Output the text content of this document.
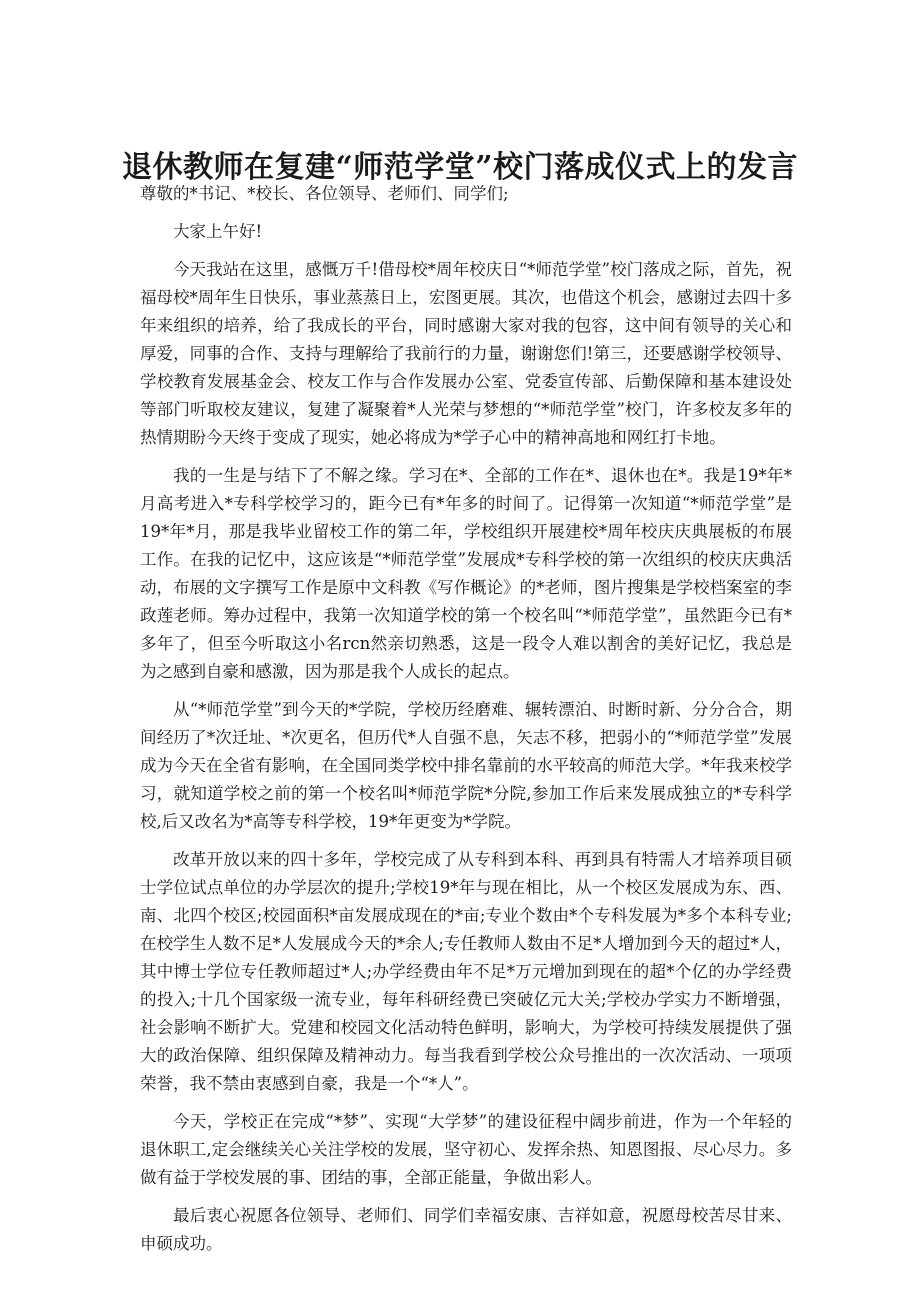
退休教师在复建“师范学堂”校门落成仪式上的发言

尊敬的*书记、*校长、各位领导、老师们、同学们;

大家上午好!

今天我站在这里，感慨万千!借母校*周年校庆日“*师范学堂”校门落成之际，首先，祝福母校*周年生日快乐，事业蒸蒸日上，宏图更展。其次，也借这个机会，感谢过去四十多年来组织的培养，给了我成长的平台，同时感谢大家对我的包容，这中间有领导的关心和厚爱，同事的合作、支持与理解给了我前行的力量，谢谢您们!第三，还要感谢学校领导、学校教育发展基金会、校友工作与合作发展办公室、党委宣传部、后勤保障和基本建设处等部门听取校友建议，复建了凝聚着*人光荣与梦想的“*师范学堂”校门，许多校友多年的热情期盼今天终于变成了现实，她必将成为*学子心中的精神高地和网红打卡地。

我的一生是与结下了不解之缘。学习在*、全部的工作在*、退休也在*。我是19*年*月高考进入*专科学校学习的，距今已有*年多的时间了。记得第一次知道“*师范学堂”是19*年*月，那是我毕业留校工作的第二年，学校组织开展建校*周年校庆庆典展板的布展工作。在我的记忆中，这应该是“*师范学堂”发展成*专科学校的第一次组织的校庆庆典活动，布展的文字撰写工作是原中文科教《写作概论》的*老师，图片搜集是学校档案室的李政莲老师。筹办过程中，我第一次知道学校的第一个校名叫“*师范学堂”，虽然距今已有*多年了，但至今听取这小名rcn然亲切熟悉，这是一段令人难以割舍的美好记忆，我总是为之感到自豪和感激，因为那是我个人成长的起点。

从“*师范学堂”到今天的*学院，学校历经磨难、辗转漂泊、时断时新、分分合合，期间经历了*次迁址、*次更名，但历代*人自强不息，矢志不移，把弱小的“*师范学堂”发展成为今天在全省有影响，在全国同类学校中排名靠前的水平较高的师范大学。*年我来校学习，就知道学校之前的第一个校名叫*师范学院*分院,参加工作后来发展成独立的*专科学校,后又改名为*高等专科学校，19*年更变为*学院。

改革开放以来的四十多年，学校完成了从专科到本科、再到具有特需人才培养项目硕士学位试点单位的办学层次的提升;学校19*年与现在相比，从一个校区发展成为东、西、南、北四个校区;校园面积*亩发展成现在的*亩;专业个数由*个专科发展为*多个本科专业;在校学生人数不足*人发展成今天的*余人;专任教师人数由不足*人增加到今天的超过*人，其中博士学位专任教师超过*人;办学经费由年不足*万元增加到现在的超*个亿的办学经费的投入;十几个国家级一流专业，每年科研经费已突破亿元大关;学校办学实力不断增强，社会影响不断扩大。党建和校园文化活动特色鲜明，影响大，为学校可持续发展提供了强大的政治保障、组织保障及精神动力。每当我看到学校公众号推出的一次次活动、一项项荣誉，我不禁由衷感到自豪，我是一个“*人”。

今天，学校正在完成“*梦”、实现“大学梦”的建设征程中阔步前进，作为一个年轻的退休职工,定会继续关心关注学校的发展，坚守初心、发挥余热、知恩图报、尽心尽力。多做有益于学校发展的事、团结的事，全部正能量，争做出彩人。

最后衷心祝愿各位领导、老师们、同学们幸福安康、吉祥如意，祝愿母校苦尽甘来、申硕成功。
